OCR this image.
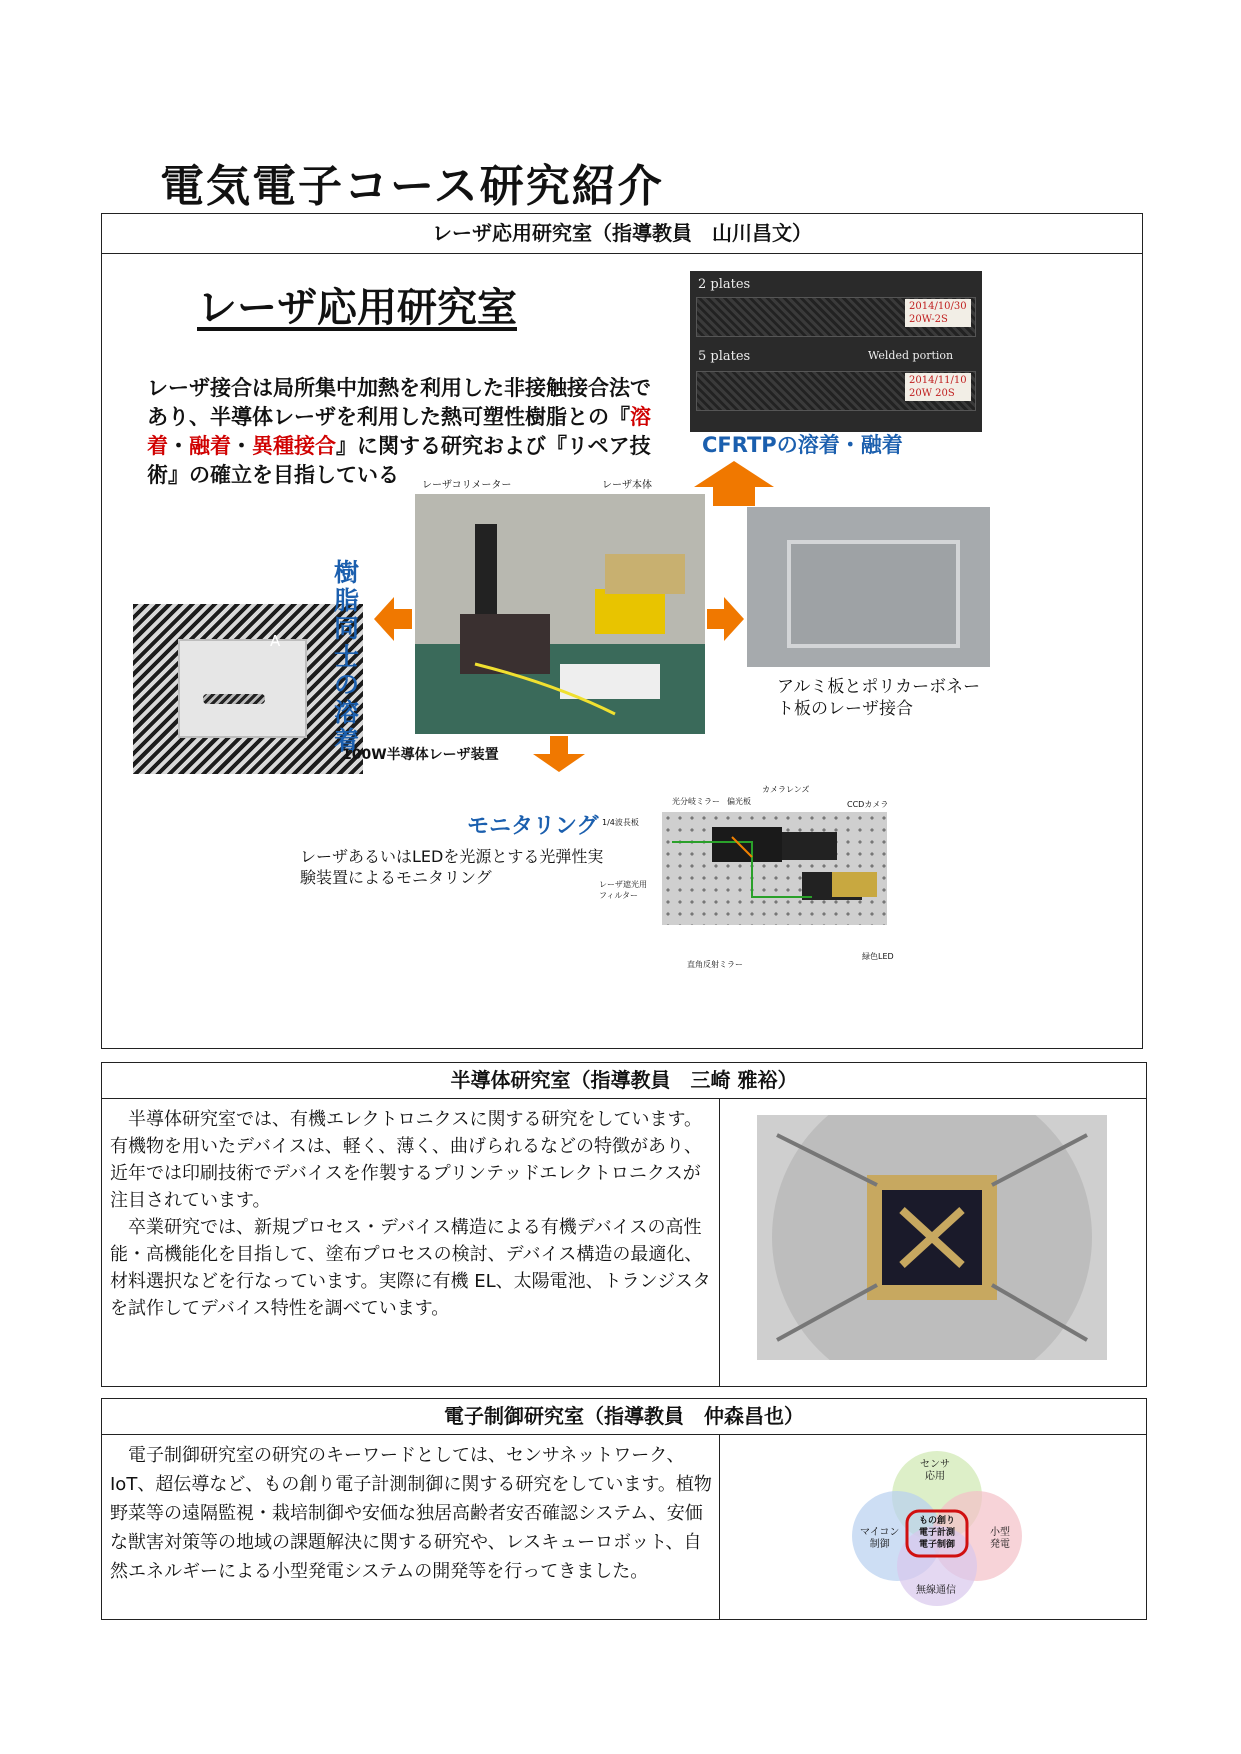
電気電子コース研究紹介
レーザ応用研究室（指導教員　山川昌文）
レーザ応用研究室
レーザ接合は局所集中加熱を利用した非接触接合法であり、半導体レーザを利用した熱可塑性樹脂との『溶着・融着・異種接合』に関する研究および『リペア技術』の確立を目指している
2 plates
5 plates	Welded portion
2014/10/30
20W-2S
2014/11/10
20W 20S
CFRTPの溶着・融着
A
樹脂同士の溶着
レーザコリメーター	レーザ本体
100W半導体レーザ装置
アルミ板とポリカーボネート板のレーザ接合
モニタリング
レーザあるいはLEDを光源とする光弾性実験装置によるモニタリング
1/4波長板
光分岐ミラー 偏光板
カメラレンズ
CCDカメラ
レーザ遮光用
フィルター
直角反射ミラー
緑色LED
半導体研究室（指導教員　三崎 雅裕）
　半導体研究室では、有機エレクトロニクスに関する研究をしています。有機物を用いたデバイスは、軽く、薄く、曲げられるなどの特徴があり、近年では印刷技術でデバイスを作製するプリンテッドエレクトロニクスが注目されています。
　卒業研究では、新規プロセス・デバイス構造による有機デバイスの高性能・高機能化を目指して、塗布プロセスの検討、デバイス構造の最適化、材料選択などを行なっています。実際に有機 EL、太陽電池、トランジスタを試作してデバイス特性を調べています。
電子制御研究室（指導教員　仲森昌也）
　電子制御研究室の研究のキーワードとしては、センサネットワーク、IoT、超伝導など、もの創り電子計測制御に関する研究をしています。植物野菜等の遠隔監視・栽培制御や安価な独居高齢者安否確認システム、安価な獣害対策等の地域の課題解決に関する研究や、レスキューロボット、自然エネルギーによる小型発電システムの開発等を行ってきました。
センサ
応用
マイコン
制御
小型
発電
無線通信
もの創り
電子計測
電子制御
